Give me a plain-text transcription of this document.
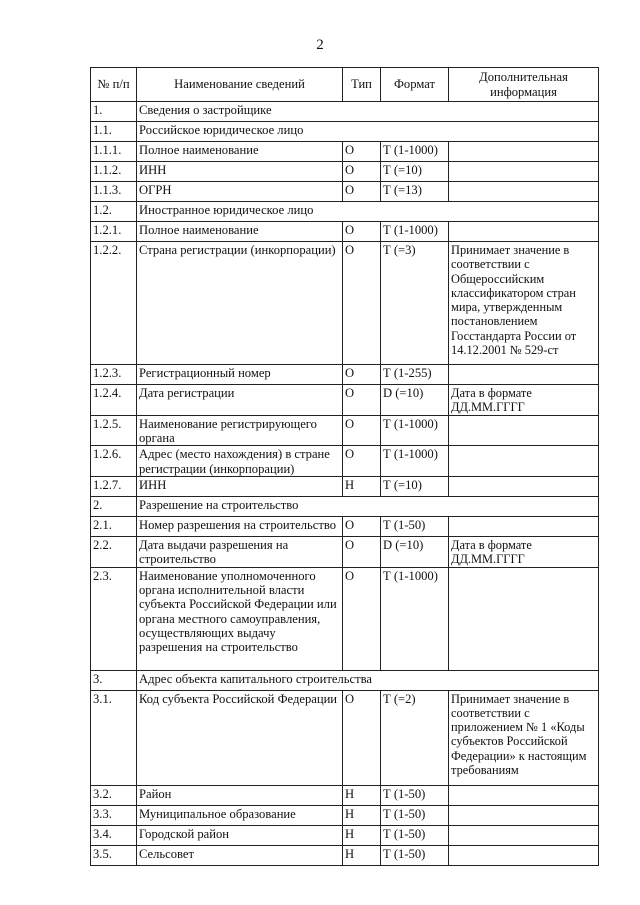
2
№ п/п	Наименование сведений	Тип	Формат	Дополнительная информация
1.	Сведения о застройщике			
1.1.	Российское юридическое лицо			
1.1.1.	Полное наименование	О	Т (1-1000)	
1.1.2.	ИНН	О	Т (=10)	
1.1.3.	ОГРН	О	Т (=13)	
1.2.	Иностранное юридическое лицо			
1.2.1.	Полное наименование	О	Т (1-1000)	
1.2.2.	Страна регистрации (инкорпорации)	О	Т (=3)	Принимает значение в соответствии с Общероссийским классификатором стран мира, утвержденным постановлением Госстандарта России от 14.12.2001 № 529-ст
1.2.3.	Регистрационный номер	О	Т (1-255)	
1.2.4.	Дата регистрации	О	D (=10)	Дата в формате ДД.ММ.ГГГГ
1.2.5.	Наименование регистрирующего органа	О	Т (1-1000)	
1.2.6.	Адрес (место нахождения) в стране регистрации (инкорпорации)	О	Т (1-1000)	
1.2.7.	ИНН	Н	Т (=10)	
2.	Разрешение на строительство			
2.1.	Номер разрешения на строительство	О	Т (1-50)	
2.2.	Дата выдачи разрешения на строительство	О	D (=10)	Дата в формате ДД.ММ.ГГГГ
2.3.	Наименование уполномоченного органа исполнительной власти субъекта Российской Федерации или органа местного самоуправления, осуществляющих выдачу разрешения на строительство	О	Т (1-1000)	
3.	Адрес объекта капитального строительства			
3.1.	Код субъекта Российской Федерации	О	Т (=2)	Принимает значение в соответствии с приложением № 1 «Коды субъектов Российской Федерации» к настоящим требованиям
3.2.	Район	Н	Т (1-50)	
3.3.	Муниципальное образование	Н	Т (1-50)	
3.4.	Городской район	Н	Т (1-50)	
3.5.	Сельсовет	Н	Т (1-50)	
